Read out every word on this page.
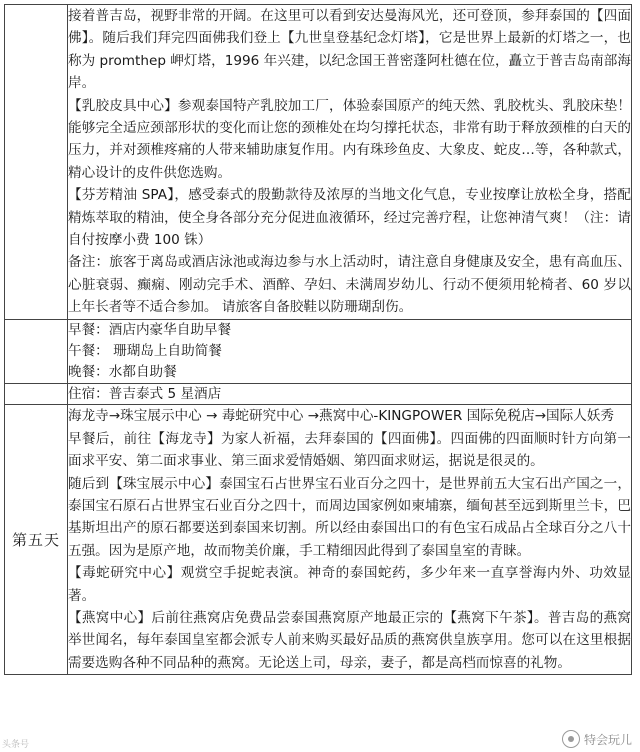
	接着普吉岛，视野非常的开阔。在这里可以看到安达曼海风光，还可登顶，参拜泰国的【四面佛】。随后我们拜完四面佛我们登上【九世皇登基纪念灯塔】，它是世界上最新的灯塔之一，也称为 promthep 岬灯塔，1996 年兴建，以纪念国王普密蓬阿杜德在位，矗立于普吉岛南部海岸。

【乳胶皮具中心】参观泰国特产乳胶加工厂，体验泰国原产的纯天然、乳胶枕头、乳胶床垫！能够完全适应颈部形状的变化而让您的颈椎处在均匀撑托状态，非常有助于释放颈椎的白天的压力，并对颈椎疼痛的人带来辅助康复作用。内有珠珍鱼皮、大象皮、蛇皮…等，各种款式，精心设计的皮件供您选购。

【芬芳精油 SPA】，感受泰式的殷勤款待及浓厚的当地文化气息，专业按摩让放松全身，搭配精炼萃取的精油，使全身各部分充分促进血液循环，经过完善疗程，让您神清气爽！（注：请自付按摩小费 100 铢）

备注：旅客于离岛或酒店泳池或海边参与水上活动时，请注意自身健康及安全，患有高血压、心脏衰弱、癫痫、刚动完手术、酒醉、孕妇、未满周岁幼儿、行动不便须用轮椅者、60 岁以上年长者等不适合参加。 请旅客自备胶鞋以防珊瑚刮伤。

	早餐：酒店内豪华自助早餐

午餐： 珊瑚岛上自助简餐

晚餐：水都自助餐

	住宿：普吉泰式 5 星酒店

第五天	海龙寺→珠宝展示中心 → 毒蛇研究中心 →燕窝中心-KINGPOWER 国际免税店→国际人妖秀

早餐后，前往【海龙寺】为家人祈福，去拜泰国的【四面佛】。四面佛的四面顺时针方向第一面求平安、第二面求事业、第三面求爱情婚姻、第四面求财运，据说是很灵的。

随后到【珠宝展示中心】泰国宝石占世界宝石业百分之四十，是世界前五大宝石出产国之一，泰国宝石原石占世界宝石业百分之四十，而周边国家例如柬埔寨，缅甸甚至远到斯里兰卡，巴基斯坦出产的原石都要送到泰国来切割。所以经由泰国出口的有色宝石成品占全球百分之八十五强。因为是原产地，故而物美价廉，手工精细因此得到了泰国皇室的青睐。

【毒蛇研究中心】观赏空手捉蛇表演。神奇的泰国蛇药，多少年来一直享誉海内外、功效显著。

【燕窝中心】后前往燕窝店免费品尝泰国燕窝原产地最正宗的【燕窝下午茶】。普吉岛的燕窝举世闻名，每年泰国皇室都会派专人前来购买最好品质的燕窝供皇族享用。您可以在这里根据需要选购各种不同品种的燕窝。无论送上司，母亲，妻子，都是高档而惊喜的礼物。

头条号	特会玩儿
